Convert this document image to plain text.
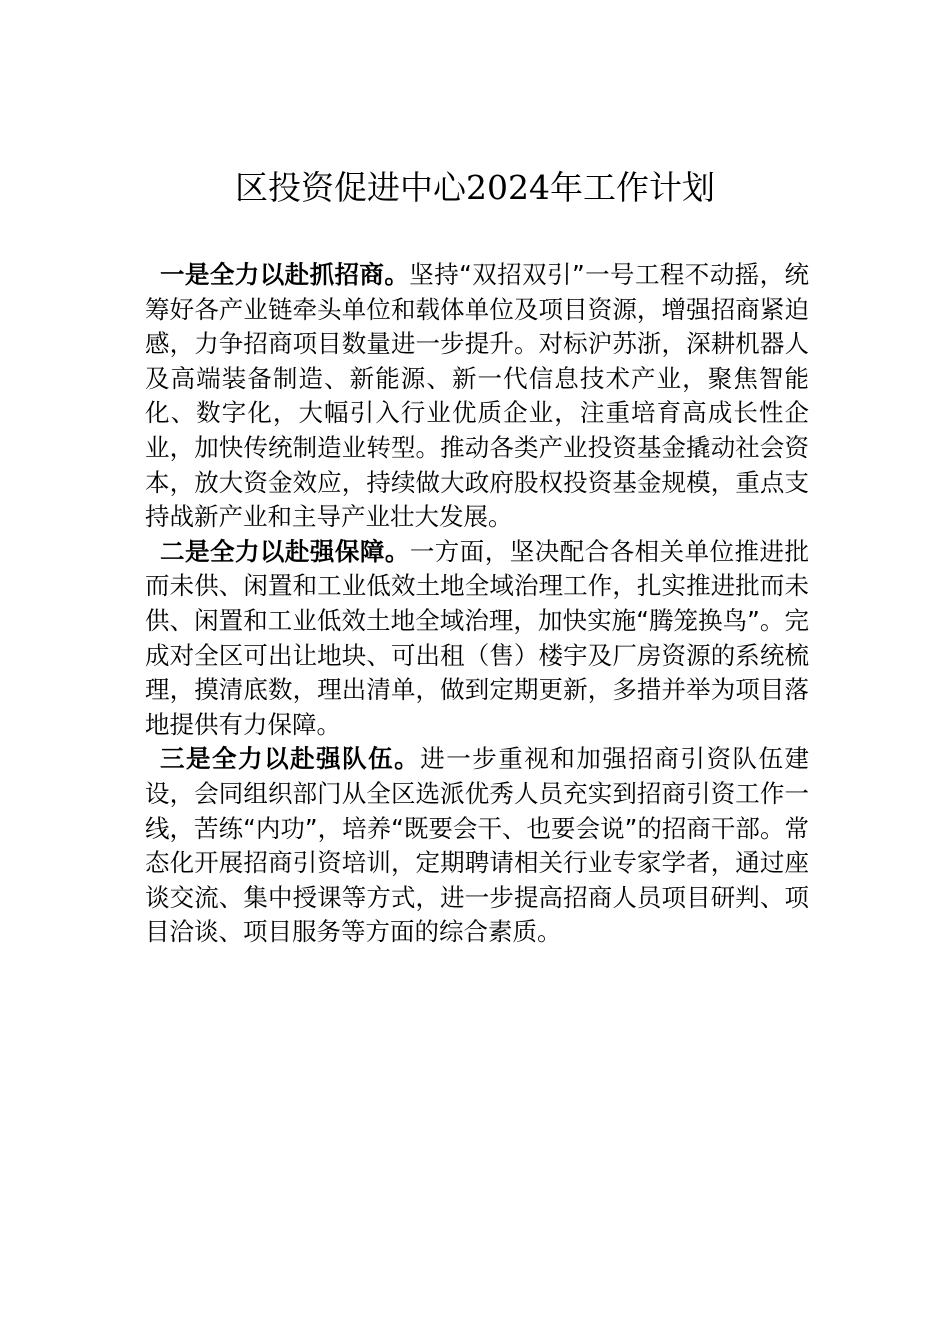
区投资促进中心2024年工作计划

一是全力以赴抓招商。坚持“双招双引”一号工程不动摇，统筹好各产业链牵头单位和载体单位及项目资源，增强招商紧迫感，力争招商项目数量进一步提升。对标沪苏浙，深耕机器人及高端装备制造、新能源、新一代信息技术产业，聚焦智能化、数字化，大幅引入行业优质企业，注重培育高成长性企业，加快传统制造业转型。推动各类产业投资基金撬动社会资本，放大资金效应，持续做大政府股权投资基金规模，重点支持战新产业和主导产业壮大发展。

二是全力以赴强保障。一方面，坚决配合各相关单位推进批而未供、闲置和工业低效土地全域治理工作，扎实推进批而未供、闲置和工业低效土地全域治理，加快实施“腾笼换鸟”。完成对全区可出让地块、可出租（售）楼宇及厂房资源的系统梳理，摸清底数，理出清单，做到定期更新，多措并举为项目落地提供有力保障。

三是全力以赴强队伍。进一步重视和加强招商引资队伍建设，会同组织部门从全区选派优秀人员充实到招商引资工作一线，苦练“内功”，培养“既要会干、也要会说”的招商干部。常态化开展招商引资培训，定期聘请相关行业专家学者，通过座谈交流、集中授课等方式，进一步提高招商人员项目研判、项目洽谈、项目服务等方面的综合素质。
